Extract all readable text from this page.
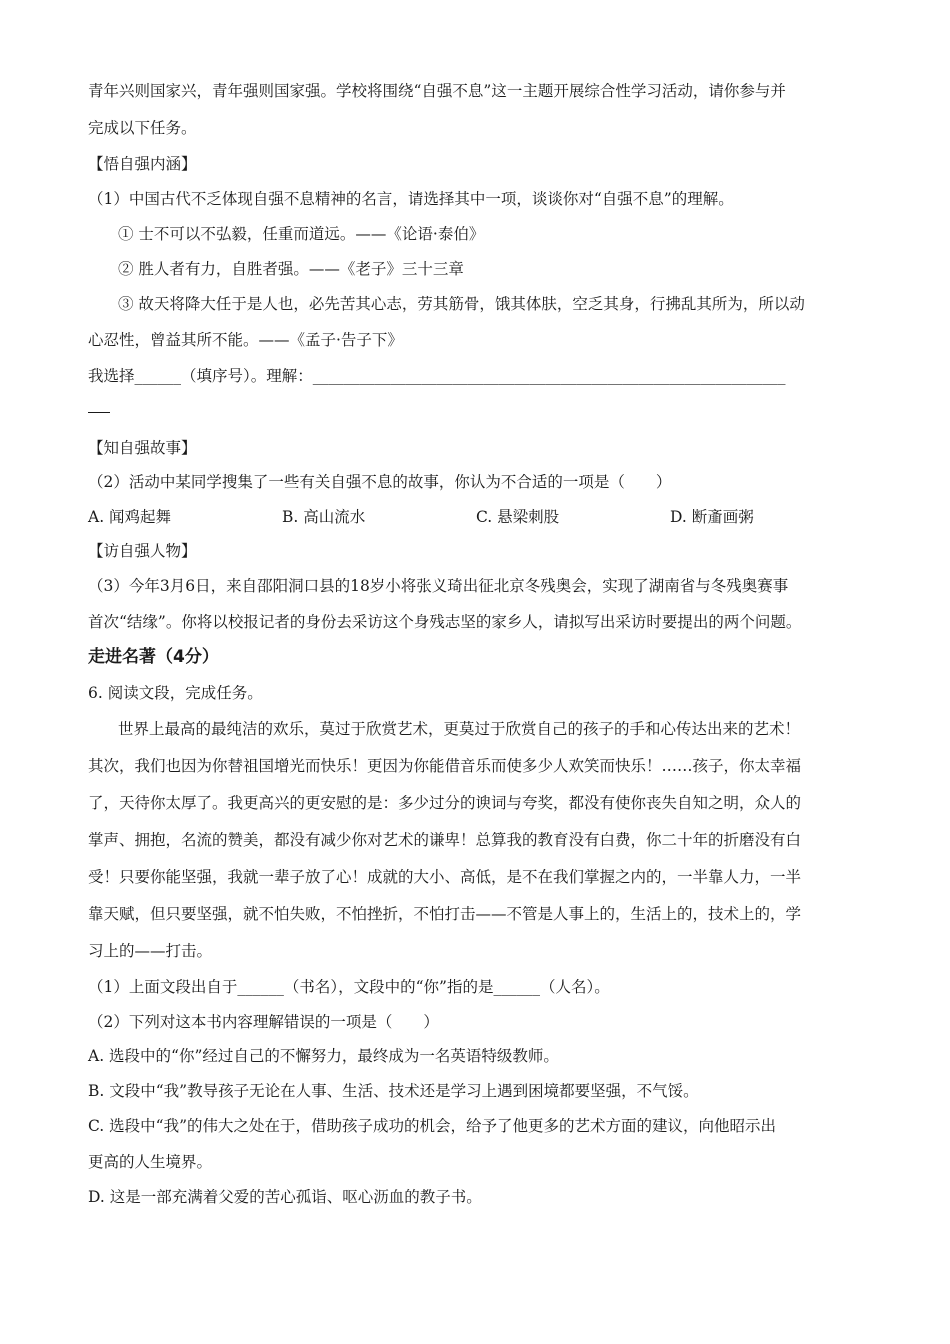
青年兴则国家兴，青年强则国家强。学校将围绕“自强不息”这一主题开展综合性学习活动，请你参与并
完成以下任务。
【悟自强内涵】
（1）中国古代不乏体现自强不息精神的名言，请选择其中一项，谈谈你对“自强不息”的理解。
① 士不可以不弘毅，任重而道远。——《论语·泰伯》
② 胜人者有力，自胜者强。——《老子》三十三章
③ 故天将降大任于是人也，必先苦其心志，劳其筋骨，饿其体肤，空乏其身，行拂乱其所为，所以动
心忍性，曾益其所不能。——《孟子·告子下》
我选择______（填序号）。理解：_____________________________________________________________
【知自强故事】
（2）活动中某同学搜集了一些有关自强不息的故事，你认为不合适的一项是（　　）
A. 闻鸡起舞	B. 高山流水	C. 悬梁刺股	D. 断齑画粥
【访自强人物】
（3）今年3月6日，来自邵阳洞口县的18岁小将张义琦出征北京冬残奥会，实现了湖南省与冬残奥赛事
首次“结缘”。你将以校报记者的身份去采访这个身残志坚的家乡人，请拟写出采访时要提出的两个问题。
走进名著（4分）
6. 阅读文段，完成任务。
世界上最高的最纯洁的欢乐，莫过于欣赏艺术，更莫过于欣赏自己的孩子的手和心传达出来的艺术！
其次，我们也因为你替祖国增光而快乐！更因为你能借音乐而使多少人欢笑而快乐！……孩子，你太幸福
了，天待你太厚了。我更高兴的更安慰的是：多少过分的谀词与夸奖，都没有使你丧失自知之明，众人的
掌声、拥抱，名流的赞美，都没有减少你对艺术的谦卑！总算我的教育没有白费，你二十年的折磨没有白
受！只要你能坚强，我就一辈子放了心！成就的大小、高低，是不在我们掌握之内的，一半靠人力，一半
靠天赋，但只要坚强，就不怕失败，不怕挫折，不怕打击——不管是人事上的，生活上的，技术上的，学
习上的——打击。
（1）上面文段出自于______（书名），文段中的“你”指的是______（人名）。
（2）下列对这本书内容理解错误的一项是（　　）
A. 选段中的“你”经过自己的不懈努力，最终成为一名英语特级教师。
B. 文段中“我”教导孩子无论在人事、生活、技术还是学习上遇到困境都要坚强，不气馁。
C. 选段中“我”的伟大之处在于，借助孩子成功的机会，给予了他更多的艺术方面的建议，向他昭示出
更高的人生境界。
D. 这是一部充满着父爱的苦心孤诣、呕心沥血的教子书。
